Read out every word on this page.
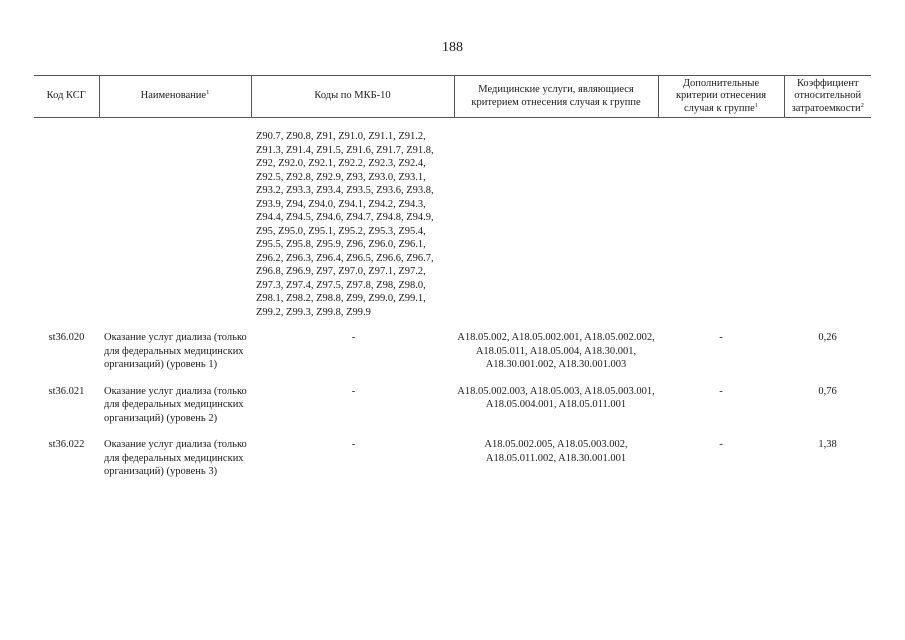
188
Код КСГ	Наименование$^1$	Коды по МКБ-10	Медицинские услуги, являющиеся критерием отнесения случая к группе	Дополнительные критерии отнесения случая к группе$^1$	Коэффициент относительной затратоемкости$^2$
		Z90.7, Z90.8, Z91, Z91.0, Z91.1, Z91.2, Z91.3, Z91.4, Z91.5, Z91.6, Z91.7, Z91.8, Z92, Z92.0, Z92.1, Z92.2, Z92.3, Z92.4, Z92.5, Z92.8, Z92.9, Z93, Z93.0, Z93.1, Z93.2, Z93.3, Z93.4, Z93.5, Z93.6, Z93.8, Z93.9, Z94, Z94.0, Z94.1, Z94.2, Z94.3, Z94.4, Z94.5, Z94.6, Z94.7, Z94.8, Z94.9, Z95, Z95.0, Z95.1, Z95.2, Z95.3, Z95.4, Z95.5, Z95.8, Z95.9, Z96, Z96.0, Z96.1, Z96.2, Z96.3, Z96.4, Z96.5, Z96.6, Z96.7, Z96.8, Z96.9, Z97, Z97.0, Z97.1, Z97.2, Z97.3, Z97.4, Z97.5, Z97.8, Z98, Z98.0, Z98.1, Z98.2, Z98.8, Z99, Z99.0, Z99.1, Z99.2, Z99.3, Z99.8, Z99.9			
st36.020	Оказание услуг диализа (только для федеральных медицинских организаций) (уровень 1)	-	A18.05.002, A18.05.002.001, A18.05.002.002, A18.05.011, A18.05.004, A18.30.001, A18.30.001.002, A18.30.001.003	-	0,26
st36.021	Оказание услуг диализа (только для федеральных медицинских организаций) (уровень 2)	-	A18.05.002.003, A18.05.003, A18.05.003.001, A18.05.004.001, A18.05.011.001	-	0,76
st36.022	Оказание услуг диализа (только для федеральных медицинских организаций) (уровень 3)	-	A18.05.002.005, A18.05.003.002, A18.05.011.002, A18.30.001.001	-	1,38
